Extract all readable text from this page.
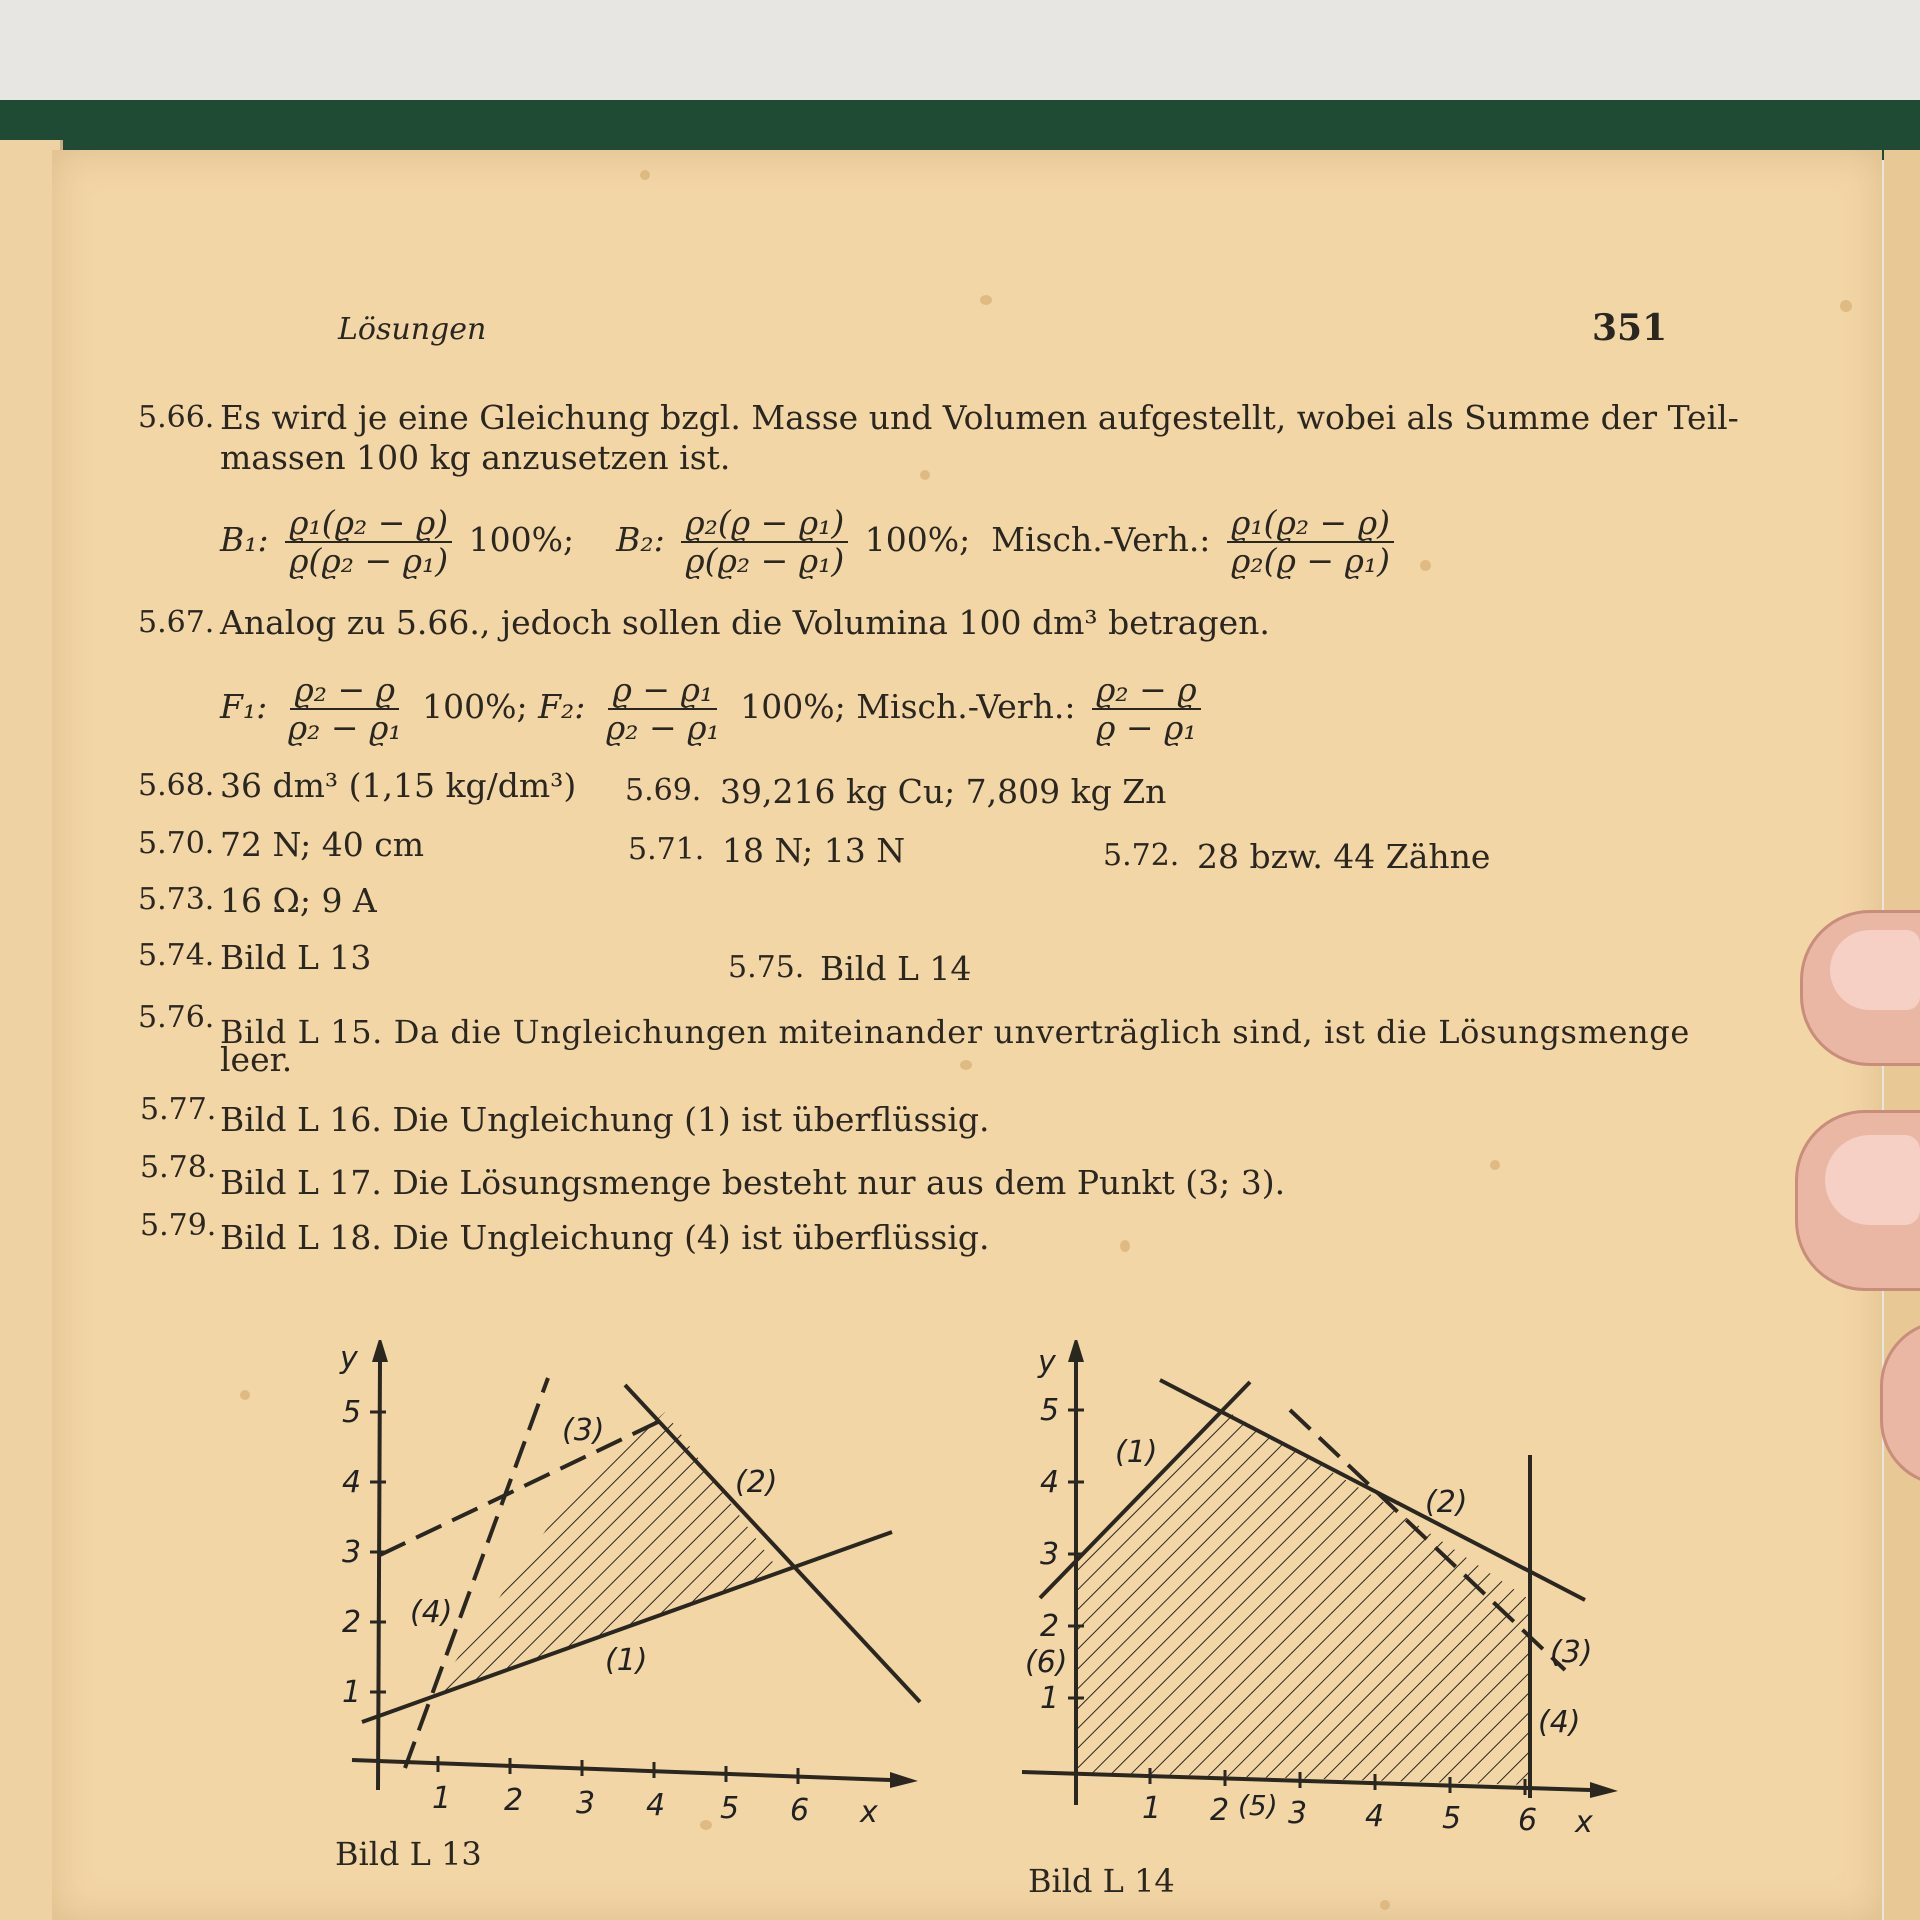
Lösungen	351
5.66. Es wird je eine Gleichung bzgl. Masse und Volumen aufgestellt, wobei als Summe der Teil-
massen 100 kg anzusetzen ist.
B₁: $\frac{\text{ϱ₁(ϱ₂ − ϱ)}}{\text{ϱ(ϱ₂ − ϱ₁)}} 100\%$; B₂: $\frac{\text{ϱ₂(ϱ − ϱ₁)}}{\text{ϱ(ϱ₂ − ϱ₁)}} 100\%$; Misch.-Verh.: $\frac{\text{ϱ₁(ϱ₂ − ϱ)}}{\text{ϱ₂(ϱ − ϱ₁)}}$
5.67. Analog zu 5.66., jedoch sollen die Volumina 100 dm³ betragen.
F₁: $\frac{\text{ϱ₂ − ϱ}}{\text{ϱ₂ − ϱ₁}} 100\%$; F₂: $\frac{\text{ϱ − ϱ₁}}{\text{ϱ₂ − ϱ₁}} 100\%$; Misch.-Verh.: $\frac{\text{ϱ₂ − ϱ}}{\text{ϱ − ϱ₁}}$
5.68. 36 dm³ (1,15 kg/dm³) 5.69. 39,216 kg Cu; 7,809 kg Zn
5.70. 72 N; 40 cm	5.71. 18 N; 13 N	5.72. 28 bzw. 44 Zähne
5.73. 16 Ω; 9 A
5.74. Bild L 13	5.75. Bild L 14
5.76. Bild L 15. Da die Ungleichungen miteinander unverträglich sind, ist die Lösungsmenge
leer.
5.77. Bild L 16. Die Ungleichung (1) ist überflüssig.
5.78. Bild L 17. Die Lösungsmenge besteht nur aus dem Punkt (3; 3).
5.79. Bild L 18. Die Ungleichung (4) ist überflüssig.
1 2 3 4 5 6 x
1
2
3
4
5
y
(1)
(2)
(3)
(4)
Bild L 13
1 2 3 4 5 6 x
1
2
3
4
5
y
(1)
(2)
(3)
(4)
(5)
(6)
Bild L 14
